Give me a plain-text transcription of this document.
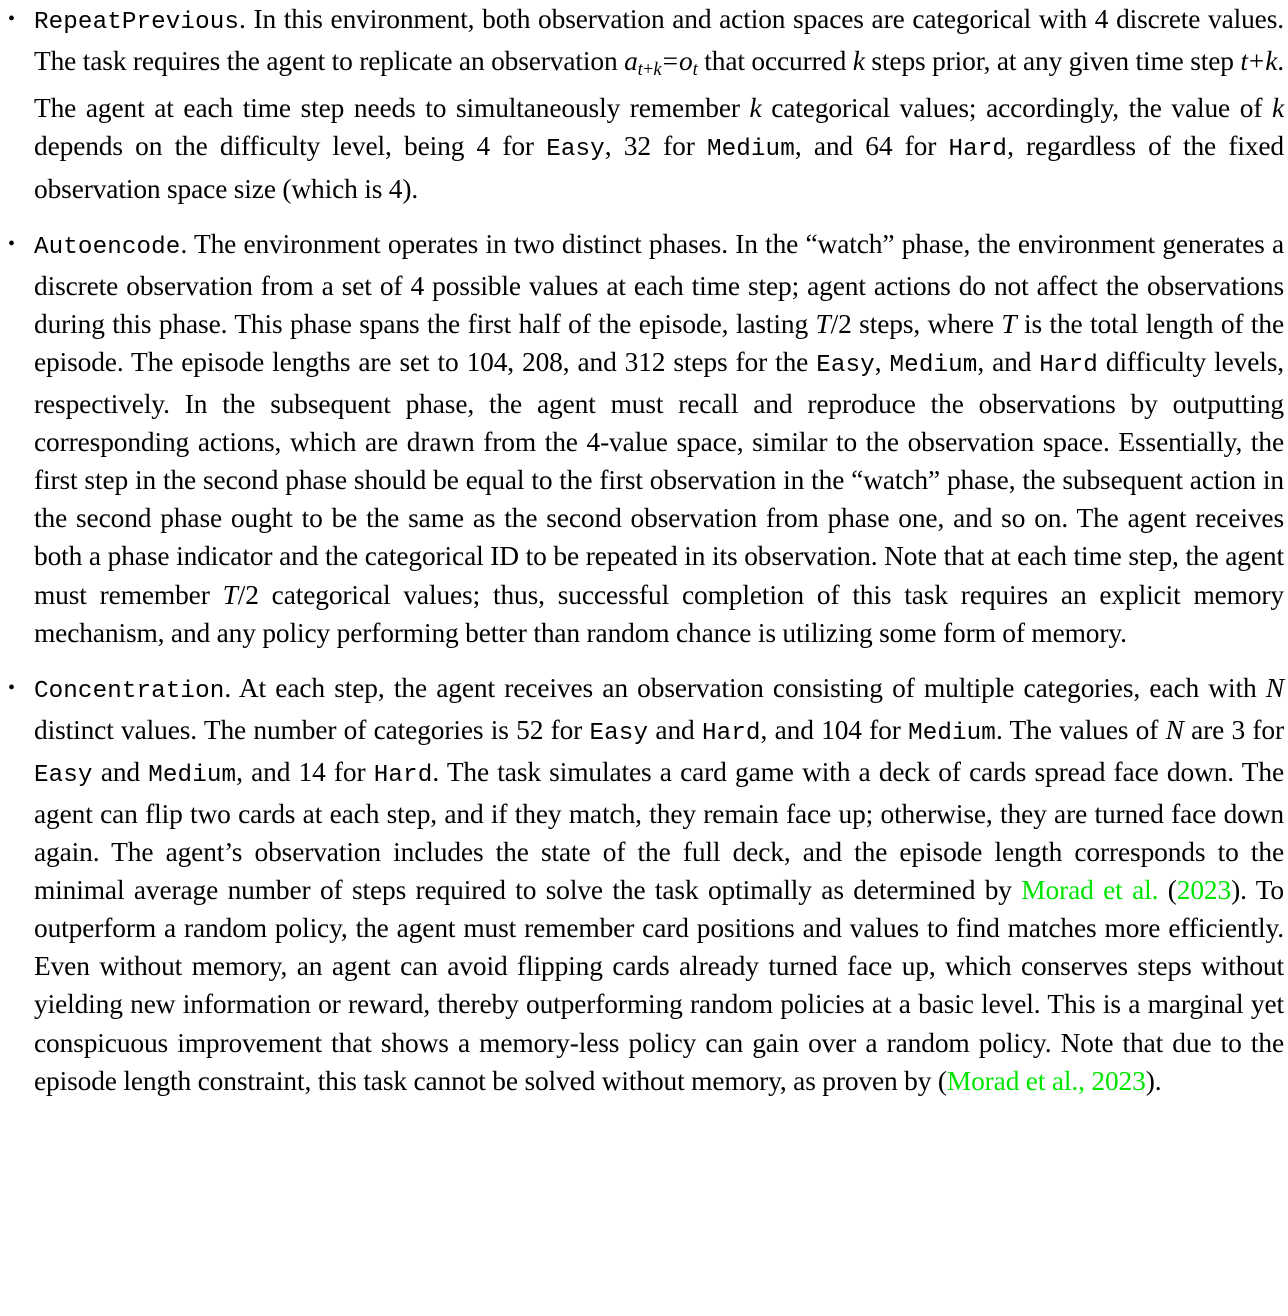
• RepeatPrevious. In this environment, both observation and action spaces are categorical with 4 discrete values. The task requires the agent to replicate an observation $a_{t+k}=o_t$ that occurred k steps prior, at any given time step t+k. The agent at each time step needs to simultaneously remember k categorical values; accordingly, the value of k depends on the difficulty level, being 4 for Easy, 32 for Medium, and 64 for Hard, regardless of the fixed observation space size (which is 4).
• Autoencode. The environment operates in two distinct phases. In the “watch” phase, the environment generates a discrete observation from a set of 4 possible values at each time step; agent actions do not affect the observations during this phase. This phase spans the first half of the episode, lasting T/2 steps, where T is the total length of the episode. The episode lengths are set to 104, 208, and 312 steps for the Easy, Medium, and Hard difficulty levels, respectively. In the subsequent phase, the agent must recall and reproduce the observations by outputting corresponding actions, which are drawn from the 4-value space, similar to the observation space. Essentially, the first step in the second phase should be equal to the first observation in the “watch” phase, the subsequent action in the second phase ought to be the same as the second observation from phase one, and so on. The agent receives both a phase indicator and the categorical ID to be repeated in its observation. Note that at each time step, the agent must remember T/2 categorical values; thus, successful completion of this task requires an explicit memory mechanism, and any policy performing better than random chance is utilizing some form of memory.
• Concentration. At each step, the agent receives an observation consisting of multiple categories, each with N distinct values. The number of categories is 52 for Easy and Hard, and 104 for Medium. The values of N are 3 for Easy and Medium, and 14 for Hard. The task simulates a card game with a deck of cards spread face down. The agent can flip two cards at each step, and if they match, they remain face up; otherwise, they are turned face down again. The agent’s observation includes the state of the full deck, and the episode length corresponds to the minimal average number of steps required to solve the task optimally as determined by Morad et al. (2023). To outperform a random policy, the agent must remember card positions and values to find matches more efficiently. Even without memory, an agent can avoid flipping cards already turned face up, which conserves steps without yielding new information or reward, thereby outperforming random policies at a basic level. This is a marginal yet conspicuous improvement that shows a memory-less policy can gain over a random policy. Note that due to the episode length constraint, this task cannot be solved without memory, as proven by (Morad et al., 2023).
